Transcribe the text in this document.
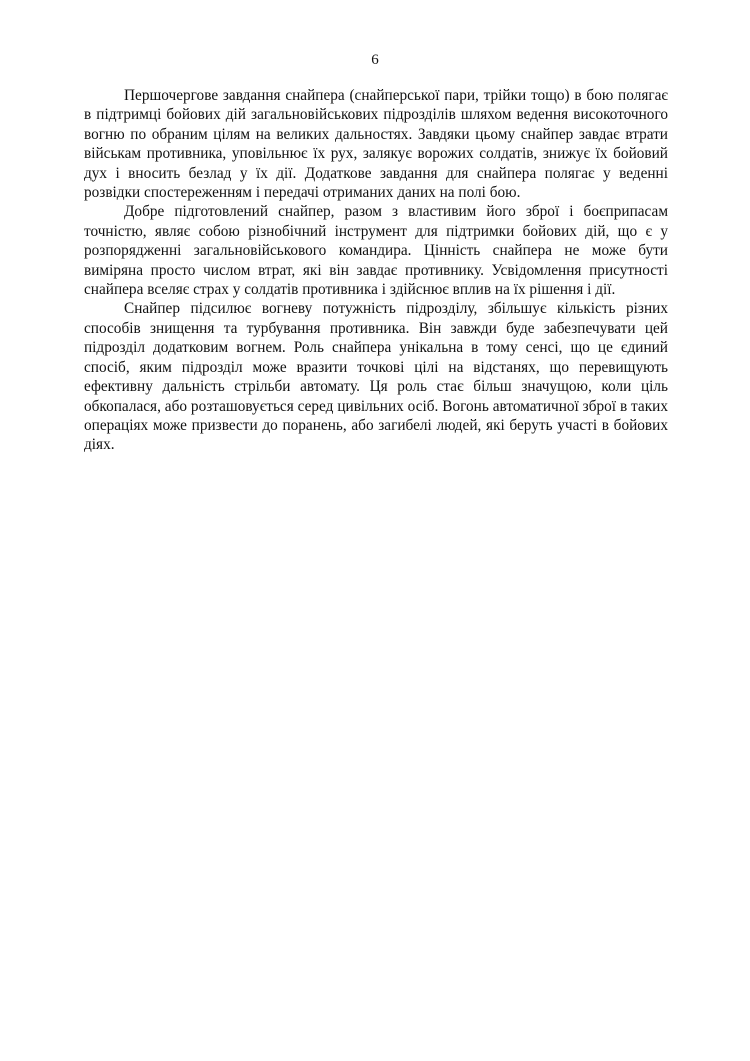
6

Першочергове завдання снайпера (снайперської пари, трійки тощо) в бою полягає в підтримці бойових дій загальновійськових підрозділів шляхом ведення високоточного вогню по обраним цілям на великих дальностях. Завдяки цьому снайпер завдає втрати військам противника, уповільнює їх рух, залякує ворожих солдатів, знижує їх бойовий дух і вносить безлад у їх дії. Додаткове завдання для снайпера полягає у веденні розвідки спостереженням і передачі отриманих даних на полі бою.

Добре підготовлений снайпер, разом з властивим його зброї і боєприпасам точністю, являє собою різнобічний інструмент для підтримки бойових дій, що є у розпорядженні загальновійськового командира. Цінність снайпера не може бути виміряна просто числом втрат, які він завдає противнику. Усвідомлення присутності снайпера вселяє страх у солдатів противника і здійснює вплив на їх рішення і дії.

Снайпер підсилює вогневу потужність підрозділу, збільшує кількість різних способів знищення та турбування противника. Він завжди буде забезпечувати цей підрозділ додатковим вогнем. Роль снайпера унікальна в тому сенсі, що це єдиний спосіб, яким підрозділ може вразити точкові цілі на відстанях, що перевищують ефективну дальність стрільби автомату. Ця роль стає більш значущою, коли ціль обкопалася, або розташовується серед цивільних осіб. Вогонь автоматичної зброї в таких операціях може призвести до поранень, або загибелі людей, які беруть участі в бойових діях.
